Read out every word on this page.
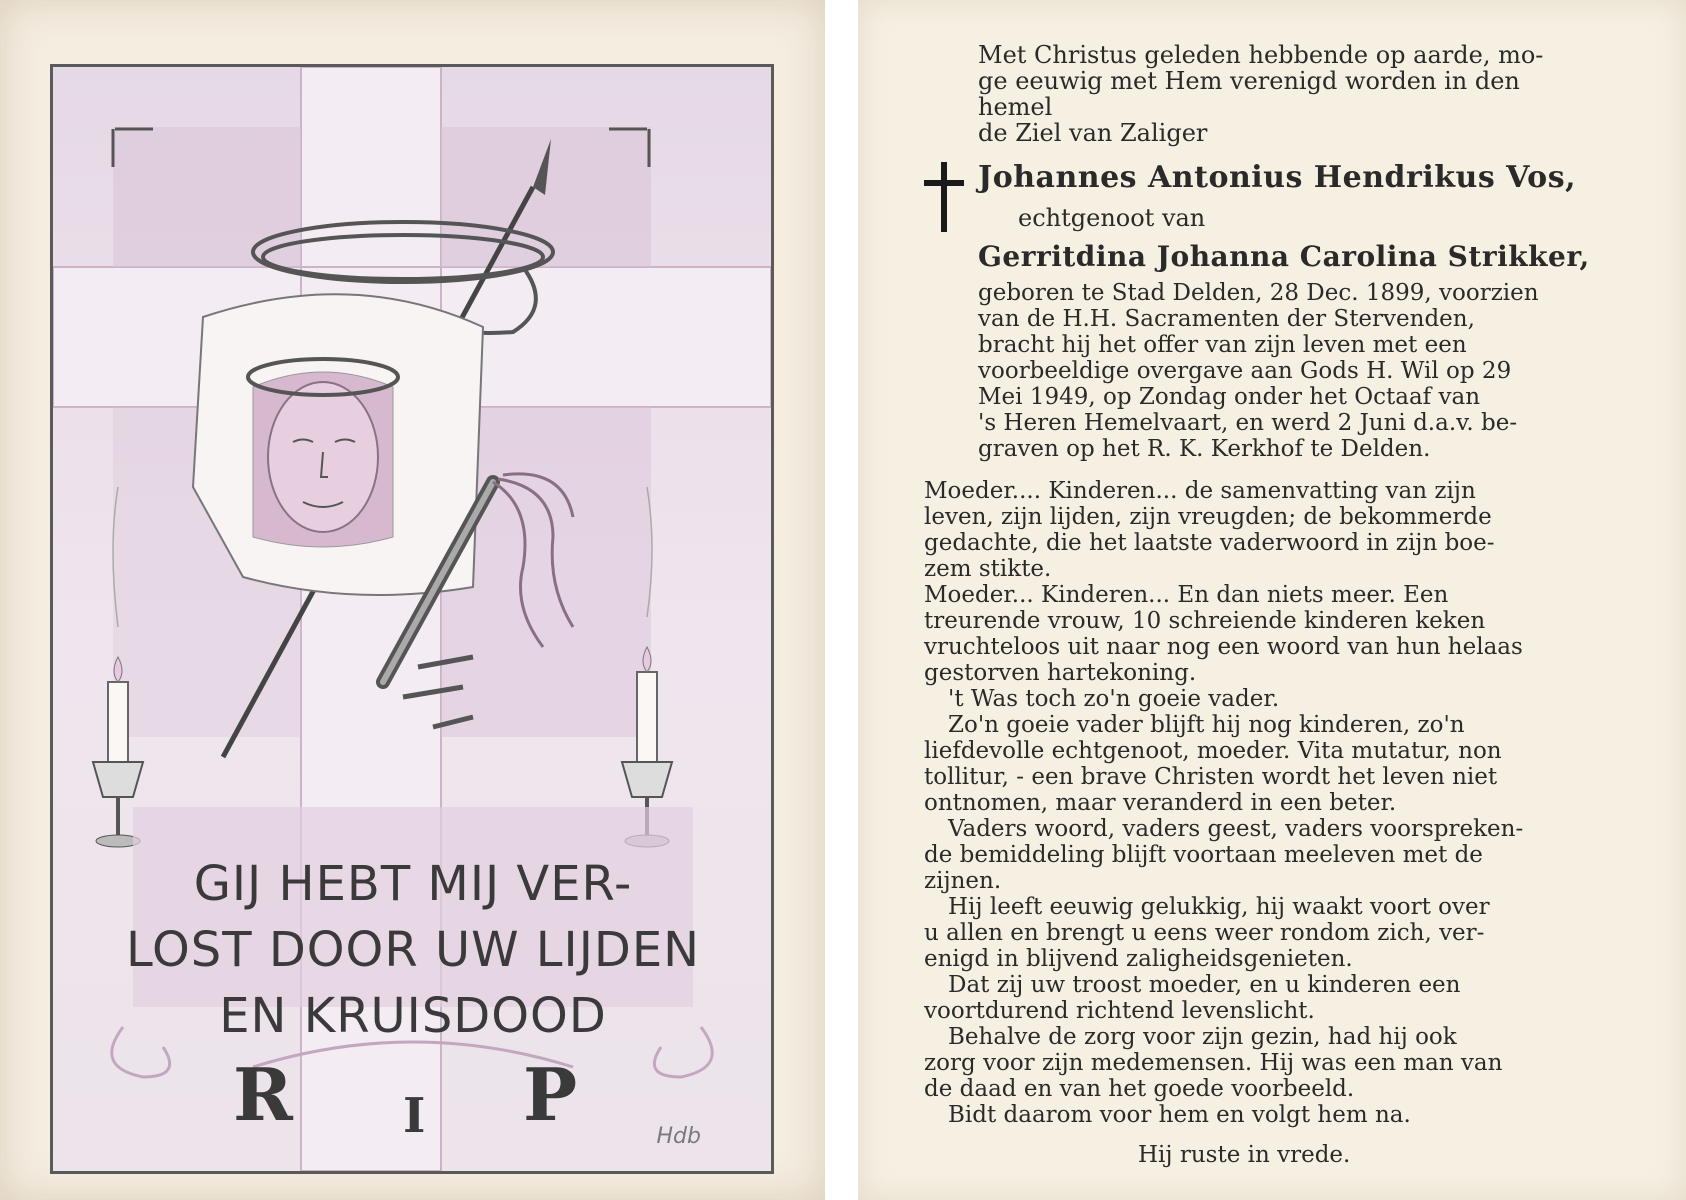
GIJ HEBT MIJ VER-
LOST DOOR UW LIJDEN
EN KRUISDOOD
R I P	Hdb
Met Christus geleden hebbende op aarde, mo-
ge eeuwig met Hem verenigd worden in den
hemel
de Ziel van Zaliger
Johannes Antonius Hendrikus Vos,
echtgenoot van
Gerritdina Johanna Carolina Strikker,
geboren te Stad Delden, 28 Dec. 1899, voorzien
van de H.H. Sacramenten der Stervenden,
bracht hij het offer van zijn leven met een
voorbeeldige overgave aan Gods H. Wil op 29
Mei 1949, op Zondag onder het Octaaf van
's Heren Hemelvaart, en werd 2 Juni d.a.v. be-
graven op het R. K. Kerkhof te Delden.
Moeder.... Kinderen... de samenvatting van zijn
leven, zijn lijden, zijn vreugden; de bekommerde
gedachte, die het laatste vaderwoord in zijn boe-
zem stikte.
Moeder... Kinderen... En dan niets meer. Een
treurende vrouw, 10 schreiende kinderen keken
vruchteloos uit naar nog een woord van hun helaas
gestorven hartekoning.
't Was toch zo'n goeie vader.
Zo'n goeie vader blijft hij nog kinderen, zo'n
liefdevolle echtgenoot, moeder. Vita mutatur, non
tollitur, - een brave Christen wordt het leven niet
ontnomen, maar veranderd in een beter.
Vaders woord, vaders geest, vaders voorspreken-
de bemiddeling blijft voortaan meeleven met de
zijnen.
Hij leeft eeuwig gelukkig, hij waakt voort over
u allen en brengt u eens weer rondom zich, ver-
enigd in blijvend zaligheidsgenieten.
Dat zij uw troost moeder, en u kinderen een
voortdurend richtend levenslicht.
Behalve de zorg voor zijn gezin, had hij ook
zorg voor zijn medemensen. Hij was een man van
de daad en van het goede voorbeeld.
Bidt daarom voor hem en volgt hem na.
Hij ruste in vrede.
